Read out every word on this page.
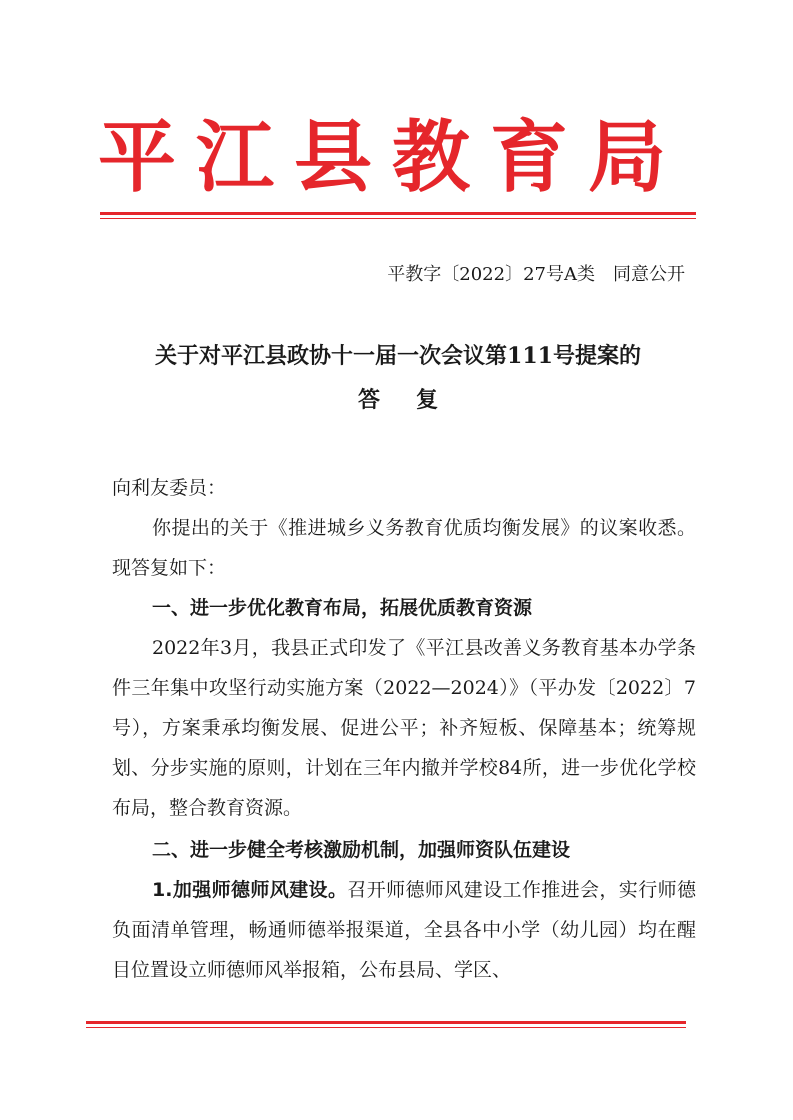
平江县教育局
平教字〔2022〕27号A类　同意公开
关于对平江县政协十一届一次会议第111号提案的
答复
向利友委员：
你提出的关于《推进城乡义务教育优质均衡发展》的议案收悉。现答复如下：
一、进一步优化教育布局，拓展优质教育资源
2022年3月，我县正式印发了《平江县改善义务教育基本办学条件三年集中攻坚行动实施方案（2022—2024）》（平办发〔2022〕7号），方案秉承均衡发展、促进公平；补齐短板、保障基本；统筹规划、分步实施的原则，计划在三年内撤并学校84所，进一步优化学校布局，整合教育资源。
二、进一步健全考核激励机制，加强师资队伍建设
1.加强师德师风建设。召开师德师风建设工作推进会，实行师德负面清单管理，畅通师德举报渠道，全县各中小学（幼儿园）均在醒目位置设立师德师风举报箱，公布县局、学区、
